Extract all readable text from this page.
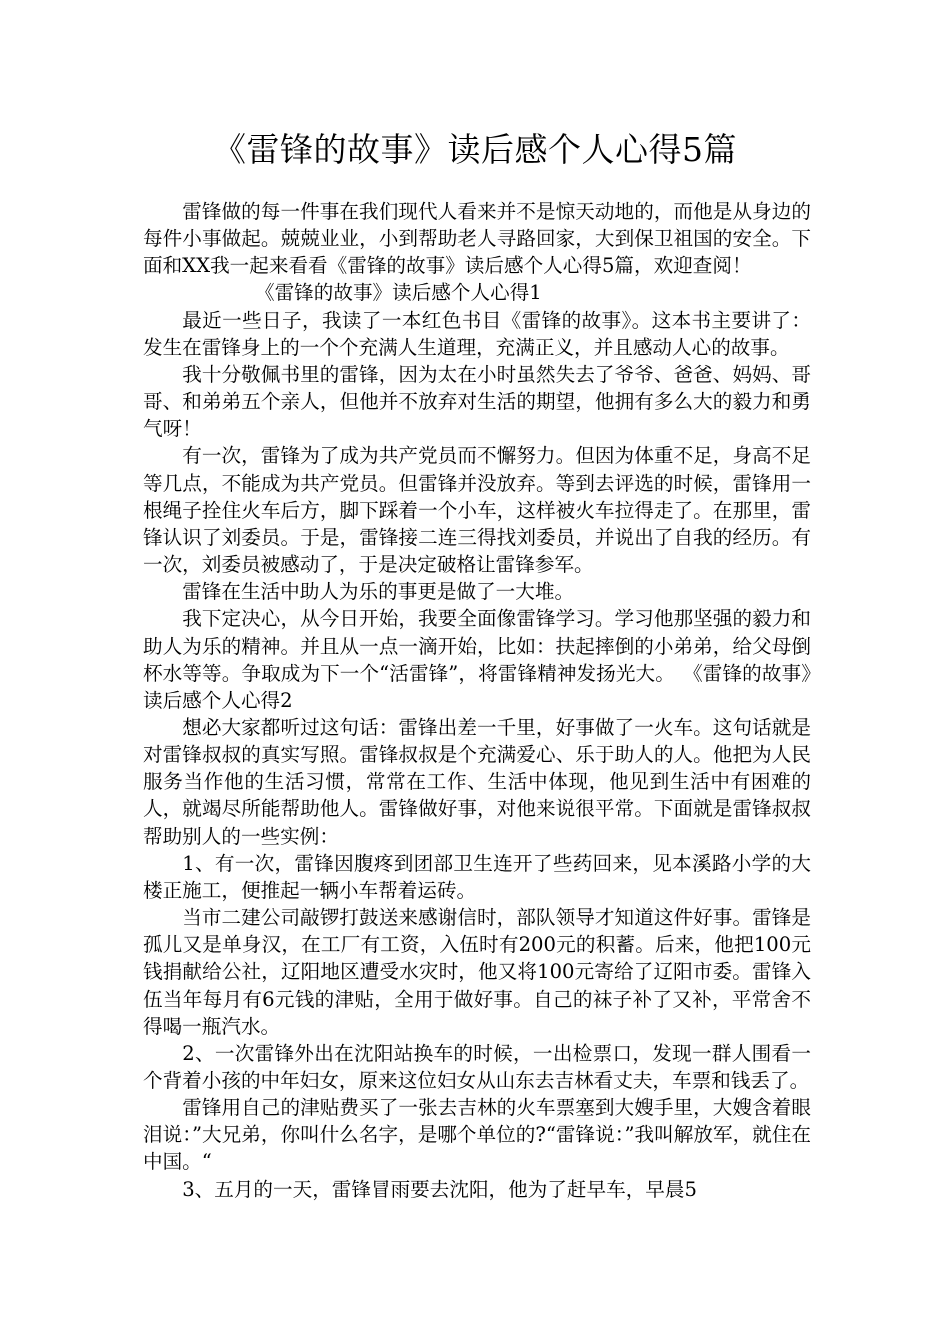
《雷锋的故事》读后感个人心得5篇

雷锋做的每一件事在我们现代人看来并不是惊天动地的，而他是从身边的每件小事做起。兢兢业业，小到帮助老人寻路回家，大到保卫祖国的安全。下面和XX我一起来看看《雷锋的故事》读后感个人心得5篇，欢迎查阅！

《雷锋的故事》读后感个人心得1

最近一些日子，我读了一本红色书目《雷锋的故事》。这本书主要讲了：发生在雷锋身上的一个个充满人生道理，充满正义，并且感动人心的故事。

我十分敬佩书里的雷锋，因为太在小时虽然失去了爷爷、爸爸、妈妈、哥哥、和弟弟五个亲人，但他并不放弃对生活的期望，他拥有多么大的毅力和勇气呀！

有一次，雷锋为了成为共产党员而不懈努力。但因为体重不足，身高不足等几点，不能成为共产党员。但雷锋并没放弃。等到去评选的时候，雷锋用一根绳子拴住火车后方，脚下踩着一个小车，这样被火车拉得走了。在那里，雷锋认识了刘委员。于是，雷锋接二连三得找刘委员，并说出了自我的经历。有一次，刘委员被感动了，于是决定破格让雷锋参军。

雷锋在生活中助人为乐的事更是做了一大堆。

我下定决心，从今日开始，我要全面像雷锋学习。学习他那坚强的毅力和助人为乐的精神。并且从一点一滴开始，比如：扶起摔倒的小弟弟，给父母倒杯水等等。争取成为下一个“活雷锋”，将雷锋精神发扬光大。 《雷锋的故事》读后感个人心得2

想必大家都听过这句话：雷锋出差一千里，好事做了一火车。这句话就是对雷锋叔叔的真实写照。雷锋叔叔是个充满爱心、乐于助人的人。他把为人民服务当作他的生活习惯，常常在工作、生活中体现，他见到生活中有困难的人，就竭尽所能帮助他人。雷锋做好事，对他来说很平常。下面就是雷锋叔叔帮助别人的一些实例：

1、有一次，雷锋因腹疼到团部卫生连开了些药回来，见本溪路小学的大楼正施工，便推起一辆小车帮着运砖。

当市二建公司敲锣打鼓送来感谢信时，部队领导才知道这件好事。雷锋是孤儿又是单身汉，在工厂有工资，入伍时有200元的积蓄。后来，他把100元钱捐献给公社，辽阳地区遭受水灾时，他又将100元寄给了辽阳市委。雷锋入伍当年每月有6元钱的津贴，全用于做好事。自己的袜子补了又补，平常舍不得喝一瓶汽水。

2、一次雷锋外出在沈阳站换车的时候，一出检票口，发现一群人围看一个背着小孩的中年妇女，原来这位妇女从山东去吉林看丈夫，车票和钱丢了。

雷锋用自己的津贴费买了一张去吉林的火车票塞到大嫂手里，大嫂含着眼泪说：”大兄弟，你叫什么名字，是哪个单位的?“雷锋说：”我叫解放军，就住在中国。“

3、五月的一天，雷锋冒雨要去沈阳，他为了赶早车，早晨5
